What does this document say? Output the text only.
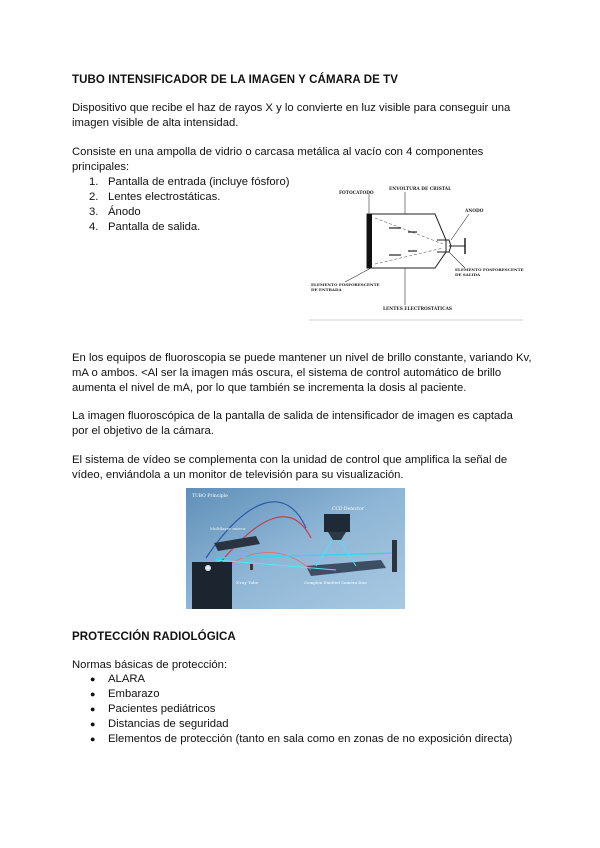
TUBO INTENSIFICADOR DE LA IMAGEN Y CÁMARA DE TV

Dispositivo que recibe el haz de rayos X y lo convierte en luz visible para conseguir una imagen visible de alta intensidad.

Consiste en una ampolla de vidrio o carcasa metálica al vacío con 4 componentes principales:

1. Pantalla de entrada (incluye fósforo)
2. Lentes electrostáticas.
3. Ánodo
4. Pantalla de salida.
FOTOCATODO
ENVOLTURA DE CRISTAL
ANODO
ELEMENTO FOSFORESCENTE DE SALIDA
ELEMENTO FOSFORESCENTE DE ENTRADA
LENTES ELECTROSTATICAS

En los equipos de fluoroscopia se puede mantener un nivel de brillo constante, variando Kv, mA o ambos. <Al ser la imagen más oscura, el sistema de control automático de brillo aumenta el nivel de mA, por lo que también se incrementa la dosis al paciente.

La imagen fluoroscópica de la pantalla de salida de intensificador de imagen es captada por el objetivo de la cámara.

El sistema de vídeo se complementa con la unidad de control que amplifica la señal de vídeo, enviándola a un monitor de televisión para su visualización.

TUBO Principle
CCD Detector
Multilayer mirror
X-ray Tube	Compton Emitted Camera Disc
PROTECCIÓN RADIOLÓGICA

Normas básicas de protección:

● ALARA
● Embarazo
● Pacientes pediátricos
● Distancias de seguridad
● Elementos de protección (tanto en sala como en zonas de no exposición directa)
